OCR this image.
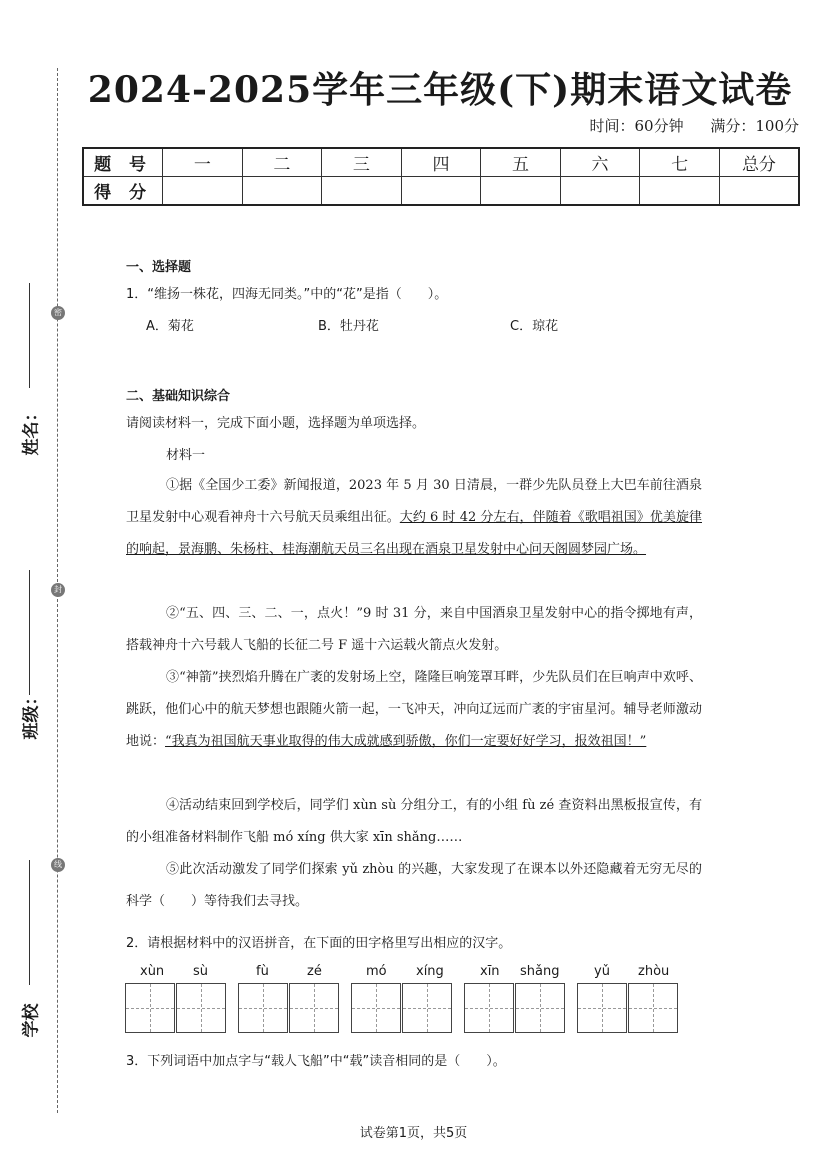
密
封
线
姓名：
班级：
学校
2024-2025学年三年级(下)期末语文试卷
时间：60分钟 满分：100分
题 号	一	二	三	四	五	六	七	总分
得 分								
一、选择题
1．“维扬一株花，四海无同类。”中的“花”是指（　　）。
A．菊花	B．牡丹花	C．琼花
二、基础知识综合
请阅读材料一，完成下面小题，选择题为单项选择。
材料一
①据《全国少工委》新闻报道，2023 年 5 月 30 日清晨，一群少先队员登上大巴车前往酒泉卫星发射中心观看神舟十六号航天员乘组出征。大约 6 时 42 分左右，伴随着《歌唱祖国》优美旋律的响起，景海鹏、朱杨柱、桂海潮航天员三名出现在酒泉卫星发射中心问天阁圆梦园广场。
②“五、四、三、二、一，点火！”9 时 31 分，来自中国酒泉卫星发射中心的指令掷地有声，搭载神舟十六号载人飞船的长征二号 F 遥十六运载火箭点火发射。
③“神箭”挟烈焰升腾在广袤的发射场上空，隆隆巨响笼罩耳畔，少先队员们在巨响声中欢呼、跳跃，他们心中的航天梦想也跟随火箭一起，一飞冲天，冲向辽远而广袤的宇宙星河。辅导老师激动地说：“我真为祖国航天事业取得的伟大成就感到骄傲，你们一定要好好学习，报效祖国！”
④活动结束回到学校后，同学们 xùn sù 分组分工，有的小组 fù zé 查资料出黑板报宣传，有的小组准备材料制作飞船 mó xíng 供大家 xīn shǎng……
⑤此次活动激发了同学们探索 yǔ zhòu 的兴趣，大家发现了在课本以外还隐藏着无穷无尽的科学（　　）等待我们去寻找。
2．请根据材料中的汉语拼音，在下面的田字格里写出相应的汉字。
xùn sù	fù	zé	mó xíng	xīn shǎng	yǔ zhòu
3．下列词语中加点字与“载人飞船”中“载”读音相同的是（　　）。
试卷第1页，共5页
